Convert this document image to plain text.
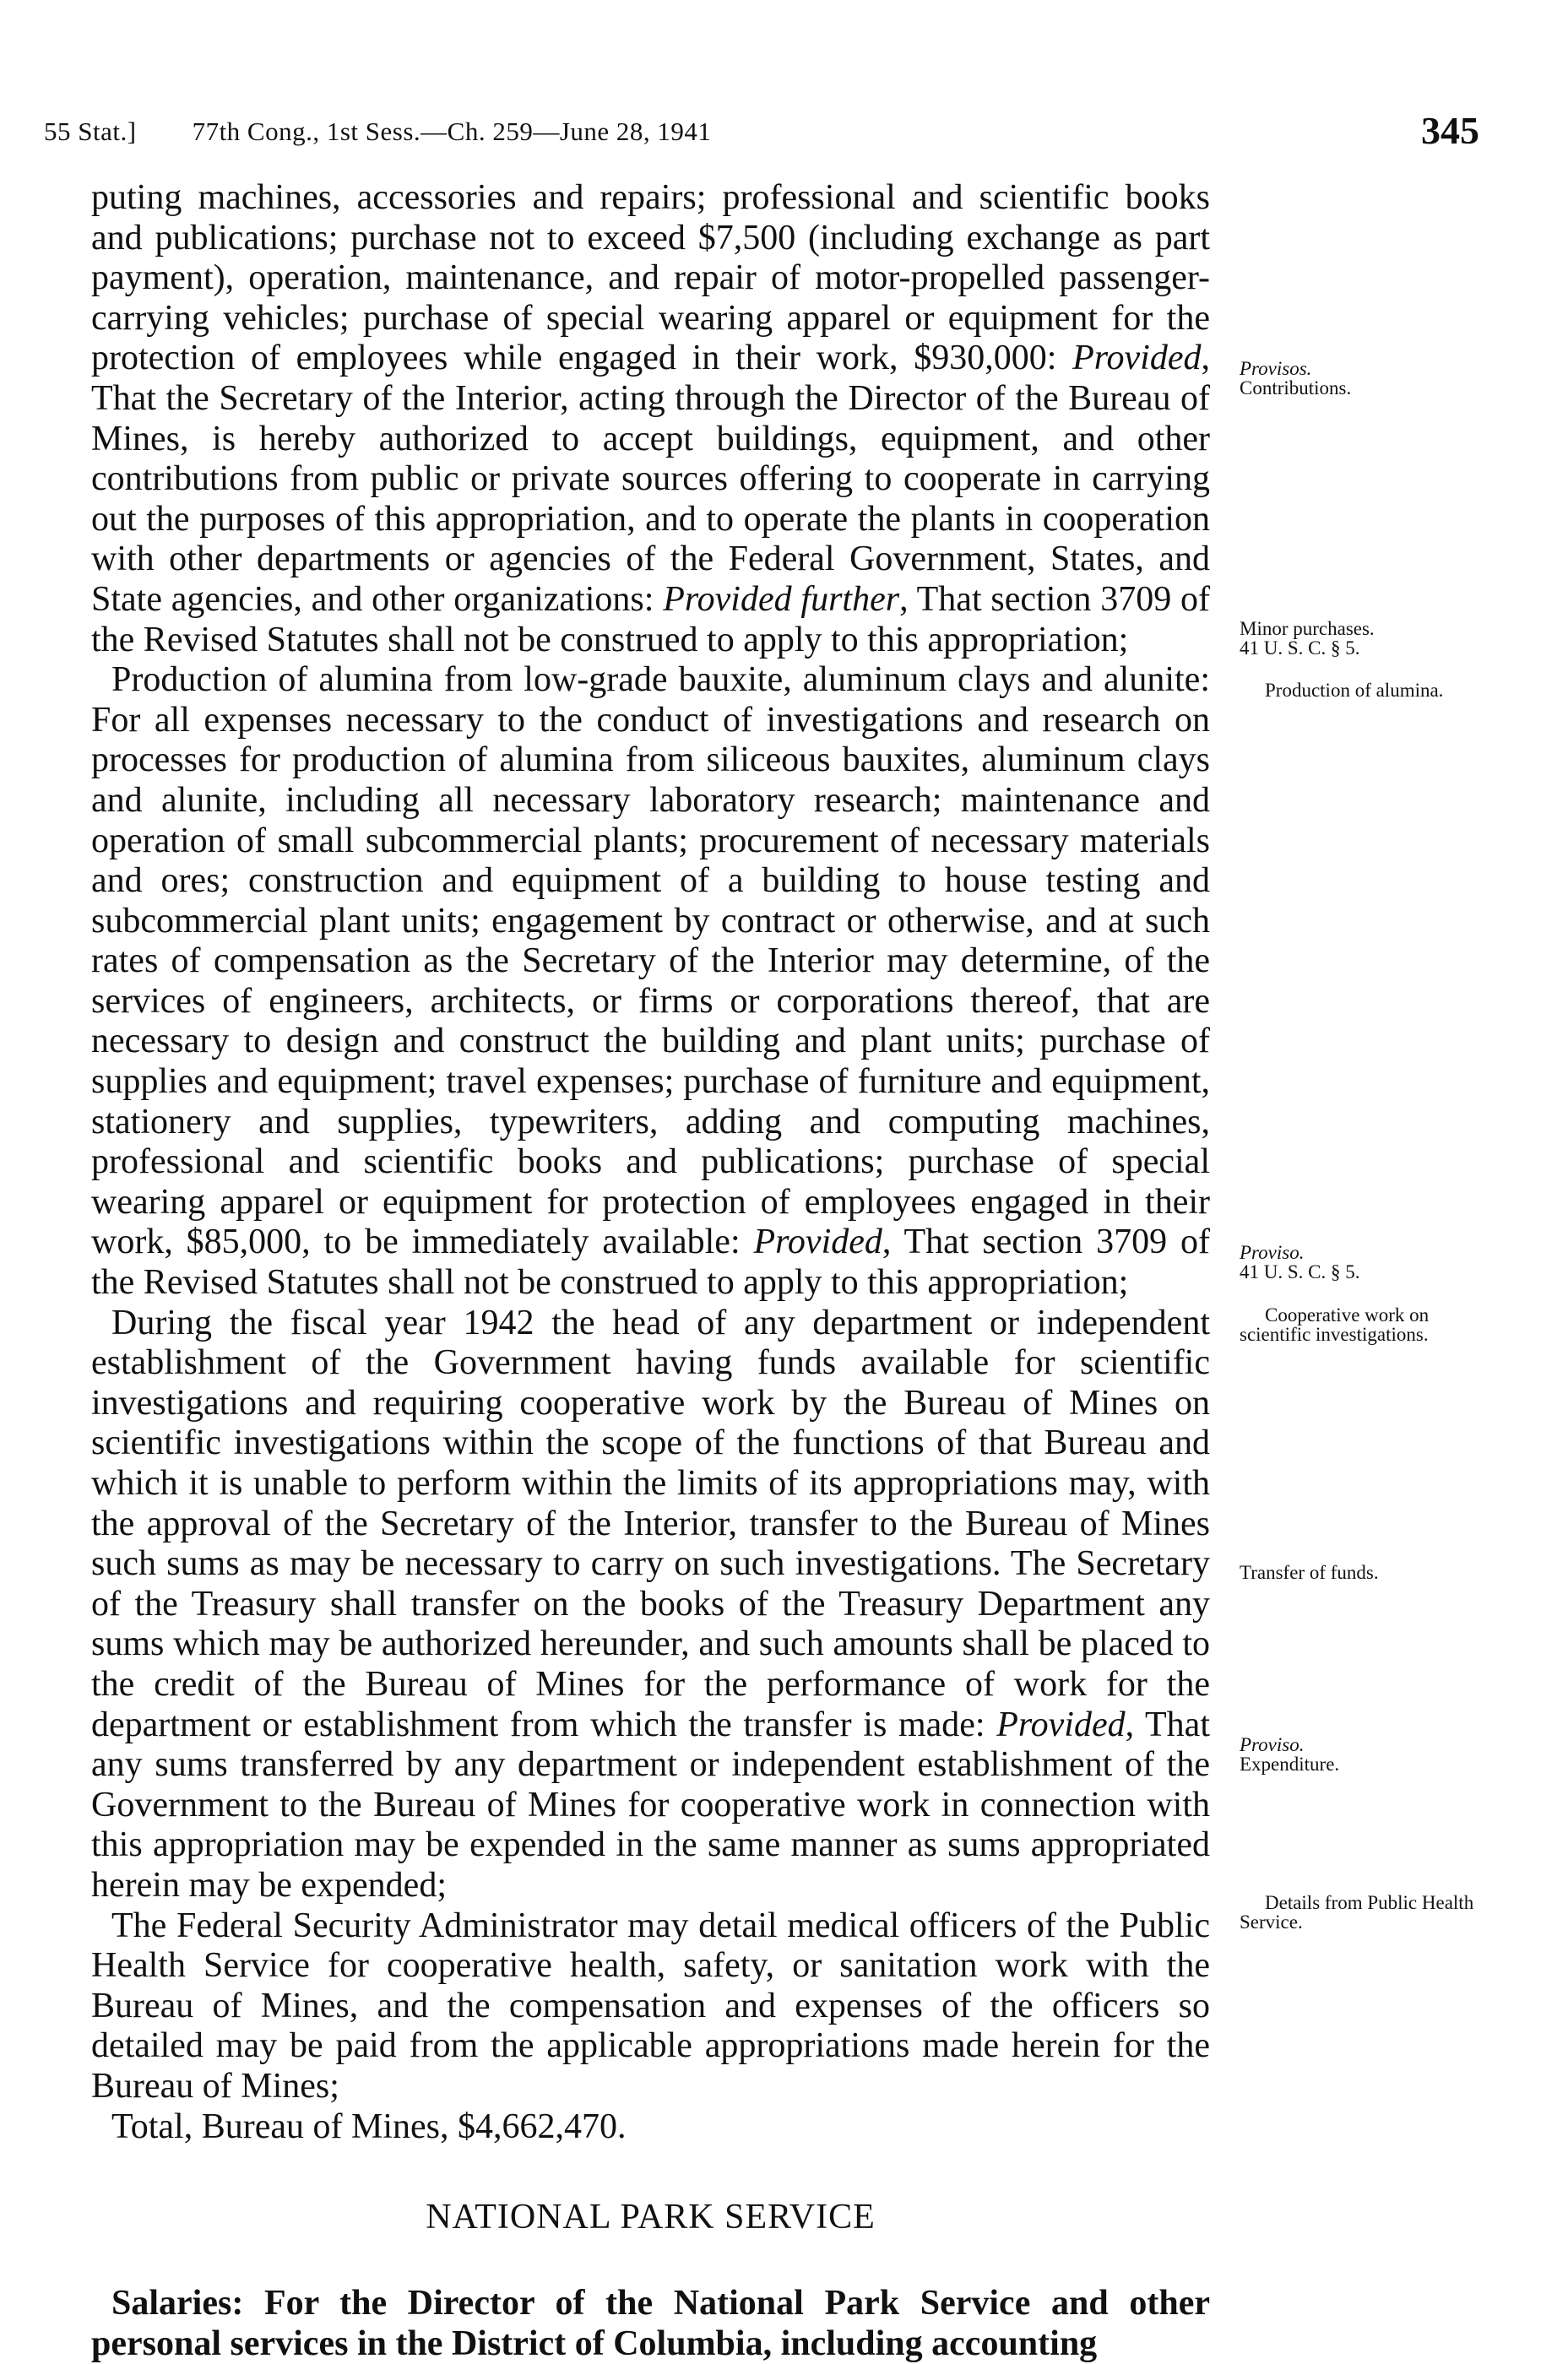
55 Stat.] 77th Cong., 1st Sess.—Ch. 259—June 28, 1941	345

puting machines, accessories and repairs; professional and scientific books and publications; purchase not to exceed $7,500 (including exchange as part payment), operation, maintenance, and repair of motor-propelled passenger-carrying vehicles; purchase of special wearing apparel or equipment for the protection of employees while engaged in their work, $930,000: Provided, That the Secretary of the Interior, acting through the Director of the Bureau of Mines, is hereby authorized to accept buildings, equipment, and other contributions from public or private sources offering to cooperate in carrying out the purposes of this appropriation, and to operate the plants in cooperation with other departments or agencies of the Federal Government, States, and State agencies, and other organizations: Provided further, That section 3709 of the Revised Statutes shall not be construed to apply to this appropriation;

Production of alumina from low-grade bauxite, aluminum clays and alunite: For all expenses necessary to the conduct of investigations and research on processes for production of alumina from siliceous bauxites, aluminum clays and alunite, including all necessary laboratory research; maintenance and operation of small subcommercial plants; procurement of necessary materials and ores; construction and equipment of a building to house testing and subcommercial plant units; engagement by contract or otherwise, and at such rates of compensation as the Secretary of the Interior may determine, of the services of engineers, architects, or firms or corporations thereof, that are necessary to design and construct the building and plant units; purchase of supplies and equipment; travel expenses; purchase of furniture and equipment, stationery and supplies, typewriters, adding and computing machines, professional and scientific books and publications; purchase of special wearing apparel or equipment for protection of employees engaged in their work, $85,000, to be immediately available: Provided, That section 3709 of the Revised Statutes shall not be construed to apply to this appropriation;

During the fiscal year 1942 the head of any department or independent establishment of the Government having funds available for scientific investigations and requiring cooperative work by the Bureau of Mines on scientific investigations within the scope of the functions of that Bureau and which it is unable to perform within the limits of its appropriations may, with the approval of the Secretary of the Interior, transfer to the Bureau of Mines such sums as may be necessary to carry on such investigations. The Secretary of the Treasury shall transfer on the books of the Treasury Department any sums which may be authorized hereunder, and such amounts shall be placed to the credit of the Bureau of Mines for the performance of work for the department or establishment from which the transfer is made: Provided, That any sums transferred by any department or independent establishment of the Government to the Bureau of Mines for cooperative work in connection with this appropriation may be expended in the same manner as sums appropriated herein may be expended;

The Federal Security Administrator may detail medical officers of the Public Health Service for cooperative health, safety, or sanitation work with the Bureau of Mines, and the compensation and expenses of the officers so detailed may be paid from the applicable appropriations made herein for the Bureau of Mines;

Total, Bureau of Mines, $4,662,470.

NATIONAL PARK SERVICE

Salaries: For the Director of the National Park Service and other personal services in the District of Columbia, including accounting

Provisos.
Contributions.
Minor purchases.
41 U. S. C. § 5.
Production of alumina.
Proviso.
41 U. S. C. § 5.
Cooperative work on scientific investigations.
Transfer of funds.
Proviso.
Expenditure.
Details from Public Health Service.
